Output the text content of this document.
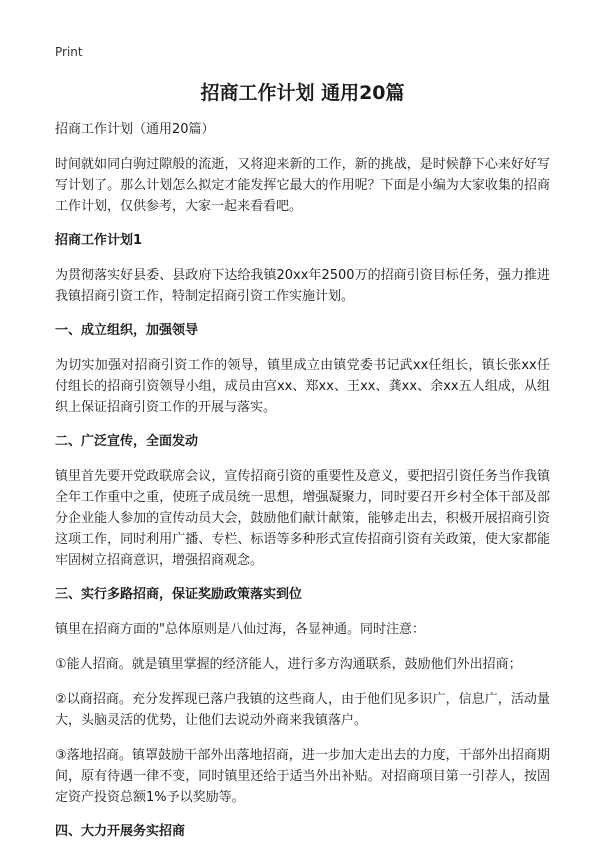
Print
招商工作计划 通用20篇
招商工作计划（通用20篇）

时间就如同白驹过隙般的流逝，又将迎来新的工作，新的挑战，是时候静下心来好好写写计划了。那么计划怎么拟定才能发挥它最大的作用呢？下面是小编为大家收集的招商工作计划，仅供参考，大家一起来看看吧。

招商工作计划1

为贯彻落实好县委、县政府下达给我镇20xx年2500万的招商引资目标任务，强力推进我镇招商引资工作，特制定招商引资工作实施计划。

一、成立组织，加强领导

为切实加强对招商引资工作的领导，镇里成立由镇党委书记武xx任组长，镇长张xx任付组长的招商引资领导小组，成员由宫xx、郑xx、王xx、龚xx、余xx五人组成，从组织上保证招商引资工作的开展与落实。

二、广泛宣传，全面发动

镇里首先要开党政联席会议，宣传招商引资的重要性及意义，要把招引资任务当作我镇全年工作重中之重，使班子成员统一思想，增强凝聚力，同时要召开乡村全体干部及部分企业能人参加的宣传动员大会，鼓励他们献计献策，能够走出去，积极开展招商引资这项工作，同时利用广播、专栏、标语等多种形式宣传招商引资有关政策，使大家都能牢固树立招商意识，增强招商观念。

三、实行多路招商，保证奖励政策落实到位

镇里在招商方面的"总体原则是八仙过海，各显神通。同时注意：

①能人招商。就是镇里掌握的经济能人，进行多方沟通联系，鼓励他们外出招商；

②以商招商。充分发挥现已落户我镇的这些商人，由于他们见多识广，信息广，活动量大，头脑灵活的优势，让他们去说动外商来我镇落户。

③落地招商。镇罩鼓励干部外出落地招商，进一步加大走出去的力度，干部外出招商期间，原有待遇一律不变，同时镇里还给于适当外出补贴。对招商项目第一引荐人，按固定资产投资总额1%予以奖励等。

四、大力开展务实招商
